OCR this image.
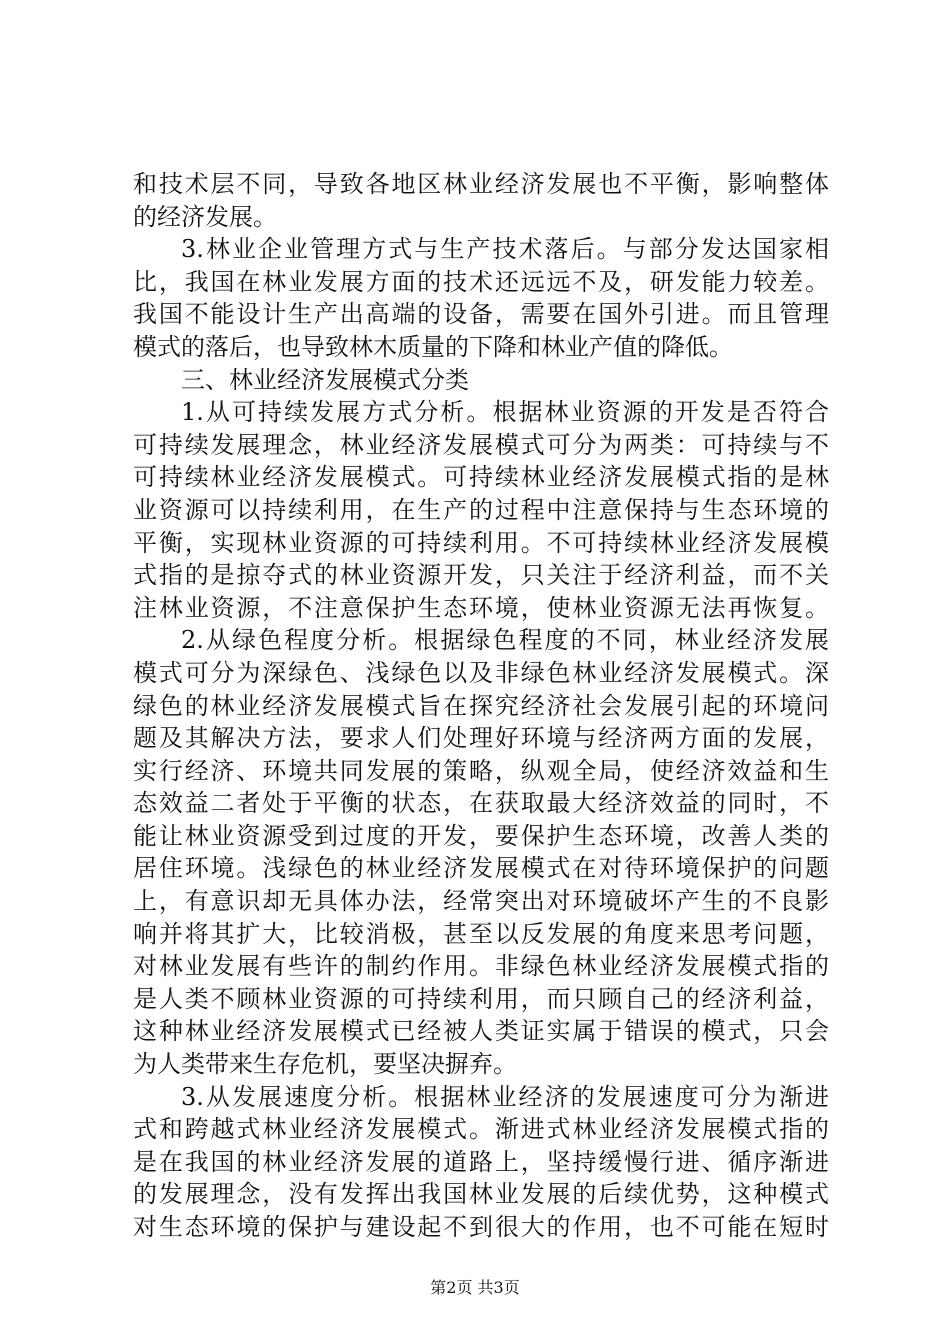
和技术层不同，导致各地区林业经济发展也不平衡，影响整体
的经济发展。
3.林业企业管理方式与生产技术落后。与部分发达国家相
比，我国在林业发展方面的技术还远远不及，研发能力较差。
我国不能设计生产出高端的设备，需要在国外引进。而且管理
模式的落后，也导致林木质量的下降和林业产值的降低。
三、林业经济发展模式分类
1.从可持续发展方式分析。根据林业资源的开发是否符合
可持续发展理念，林业经济发展模式可分为两类：可持续与不
可持续林业经济发展模式。可持续林业经济发展模式指的是林
业资源可以持续利用，在生产的过程中注意保持与生态环境的
平衡，实现林业资源的可持续利用。不可持续林业经济发展模
式指的是掠夺式的林业资源开发，只关注于经济利益，而不关
注林业资源，不注意保护生态环境，使林业资源无法再恢复。
2.从绿色程度分析。根据绿色程度的不同，林业经济发展
模式可分为深绿色、浅绿色以及非绿色林业经济发展模式。深
绿色的林业经济发展模式旨在探究经济社会发展引起的环境问
题及其解决方法，要求人们处理好环境与经济两方面的发展，
实行经济、环境共同发展的策略，纵观全局，使经济效益和生
态效益二者处于平衡的状态，在获取最大经济效益的同时，不
能让林业资源受到过度的开发，要保护生态环境，改善人类的
居住环境。浅绿色的林业经济发展模式在对待环境保护的问题
上，有意识却无具体办法，经常突出对环境破坏产生的不良影
响并将其扩大，比较消极，甚至以反发展的角度来思考问题，
对林业发展有些许的制约作用。非绿色林业经济发展模式指的
是人类不顾林业资源的可持续利用，而只顾自己的经济利益，
这种林业经济发展模式已经被人类证实属于错误的模式，只会
为人类带来生存危机，要坚决摒弃。
3.从发展速度分析。根据林业经济的发展速度可分为渐进
式和跨越式林业经济发展模式。渐进式林业经济发展模式指的
是在我国的林业经济发展的道路上，坚持缓慢行进、循序渐进
的发展理念，没有发挥出我国林业发展的后续优势，这种模式
对生态环境的保护与建设起不到很大的作用，也不可能在短时
第2页 共3页
